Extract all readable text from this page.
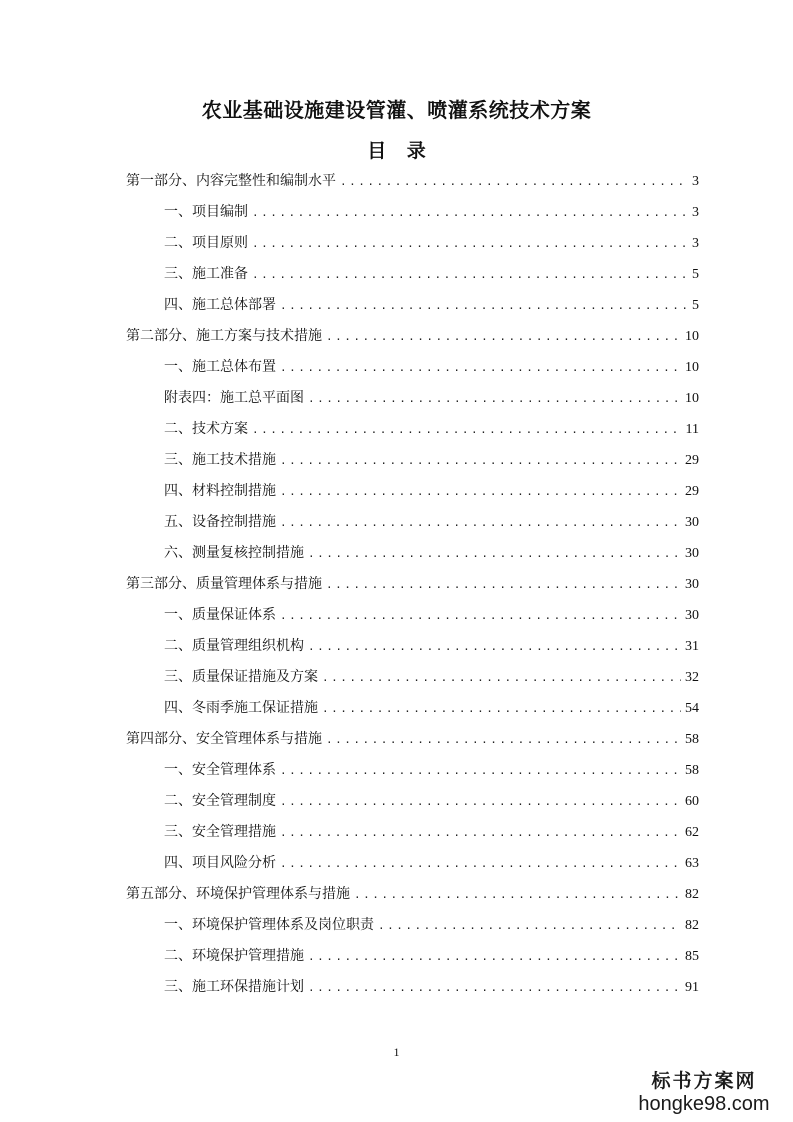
农业基础设施建设管灌、喷灌系统技术方案
目 录
第一部分、内容完整性和编制水平 .....	3
一、项目编制 .....	3
二、项目原则 .....	3
三、施工准备 .....	5
四、施工总体部署 .....	5
第二部分、施工方案与技术措施 .....	10
一、施工总体布置 .....	10
附表四：施工总平面图 .....	10
二、技术方案 .....	11
三、施工技术措施 .....	29
四、材料控制措施 .....	29
五、设备控制措施 .....	30
六、测量复核控制措施 .....	30
第三部分、质量管理体系与措施 .....	30
一、质量保证体系 .....	30
二、质量管理组织机构 .....	31
三、质量保证措施及方案 .....	32
四、冬雨季施工保证措施 .....	54
第四部分、安全管理体系与措施 .....	58
一、安全管理体系 .....	58
二、安全管理制度 .....	60
三、安全管理措施 .....	62
四、项目风险分析 .....	63
第五部分、环境保护管理体系与措施 .....	82
一、环境保护管理体系及岗位职责 .....	82
二、环境保护管理措施 .....	85
三、施工环保措施计划 .....	91
1
标书方案网
hongke98.com
